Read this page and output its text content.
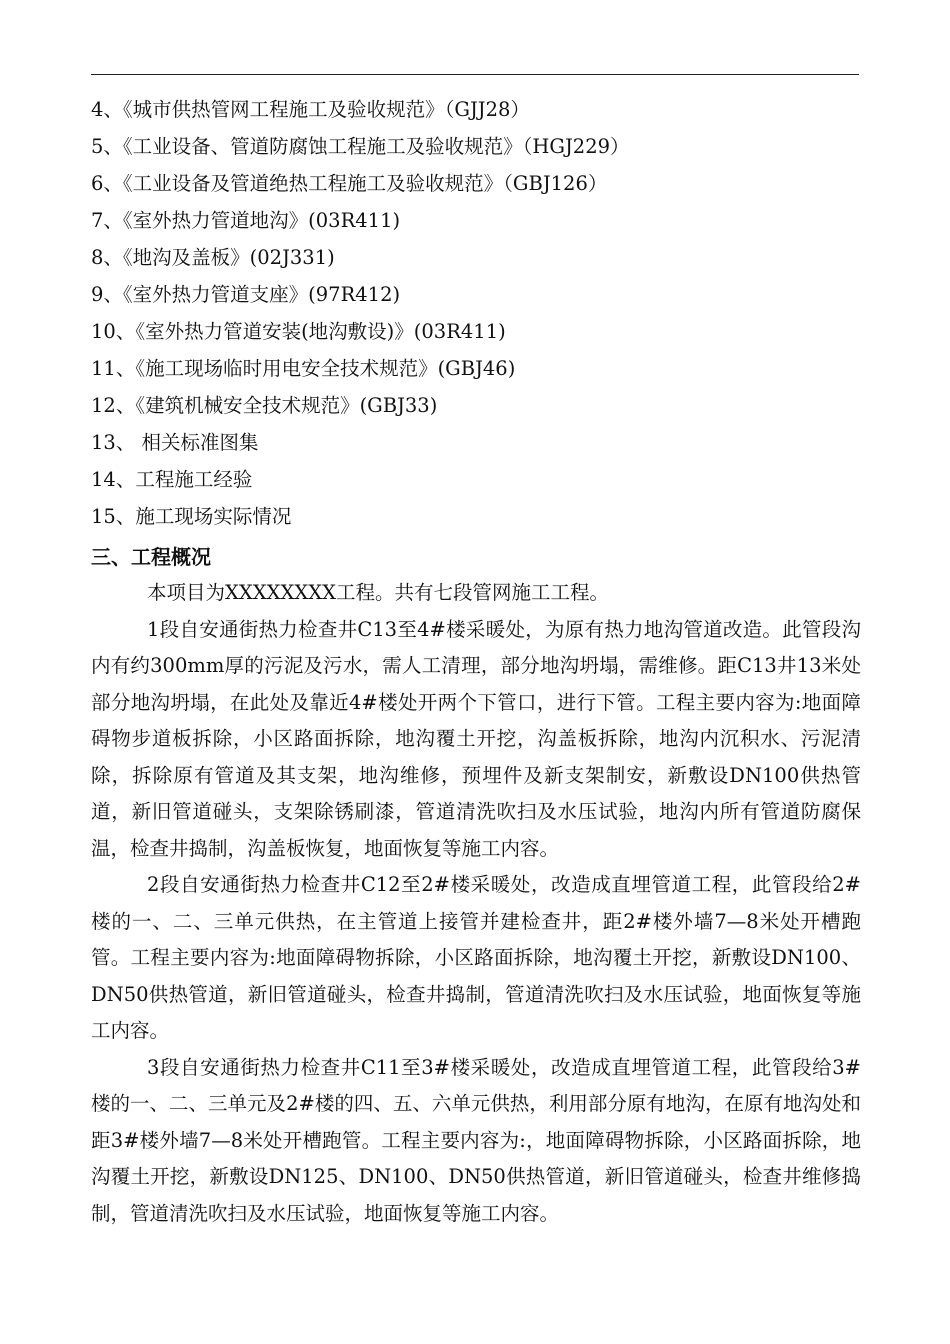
4、《城市供热管网工程施工及验收规范》（GJJ28）
5、《工业设备、管道防腐蚀工程施工及验收规范》（HGJ229）
6、《工业设备及管道绝热工程施工及验收规范》（GBJ126）
7、《室外热力管道地沟》(03R411)
8、《地沟及盖板》(02J331)
9、《室外热力管道支座》(97R412)
10、《室外热力管道安装(地沟敷设)》(03R411)
11、《施工现场临时用电安全技术规范》(GBJ46)
12、《建筑机械安全技术规范》(GBJ33)
13、 相关标准图集
14、工程施工经验
15、施工现场实际情况
三、工程概况

本项目为XXXXXXXX工程。共有七段管网施工工程。

1段自安通街热力检查井C13至4#楼采暖处，为原有热力地沟管道改造。此管段沟内有约300mm厚的污泥及污水，需人工清理，部分地沟坍塌，需维修。距C13井13米处部分地沟坍塌，在此处及靠近4#楼处开两个下管口，进行下管。工程主要内容为:地面障碍物步道板拆除，小区路面拆除，地沟覆土开挖，沟盖板拆除，地沟内沉积水、污泥清除，拆除原有管道及其支架，地沟维修，预埋件及新支架制安，新敷设DN100供热管道，新旧管道碰头，支架除锈刷漆，管道清洗吹扫及水压试验，地沟内所有管道防腐保温，检查井捣制，沟盖板恢复，地面恢复等施工内容。

2段自安通街热力检查井C12至2#楼采暖处，改造成直埋管道工程，此管段给2#楼的一、二、三单元供热，在主管道上接管并建检查井，距2#楼外墙7—8米处开槽跑管。工程主要内容为:地面障碍物拆除，小区路面拆除，地沟覆土开挖，新敷设DN100、DN50供热管道，新旧管道碰头，检查井捣制，管道清洗吹扫及水压试验，地面恢复等施工内容。

3段自安通街热力检查井C11至3#楼采暖处，改造成直埋管道工程，此管段给3#楼的一、二、三单元及2#楼的四、五、六单元供热，利用部分原有地沟，在原有地沟处和距3#楼外墙7—8米处开槽跑管。工程主要内容为:，地面障碍物拆除，小区路面拆除，地沟覆土开挖，新敷设DN125、DN100、DN50供热管道，新旧管道碰头，检查井维修捣制，管道清洗吹扫及水压试验，地面恢复等施工内容。
